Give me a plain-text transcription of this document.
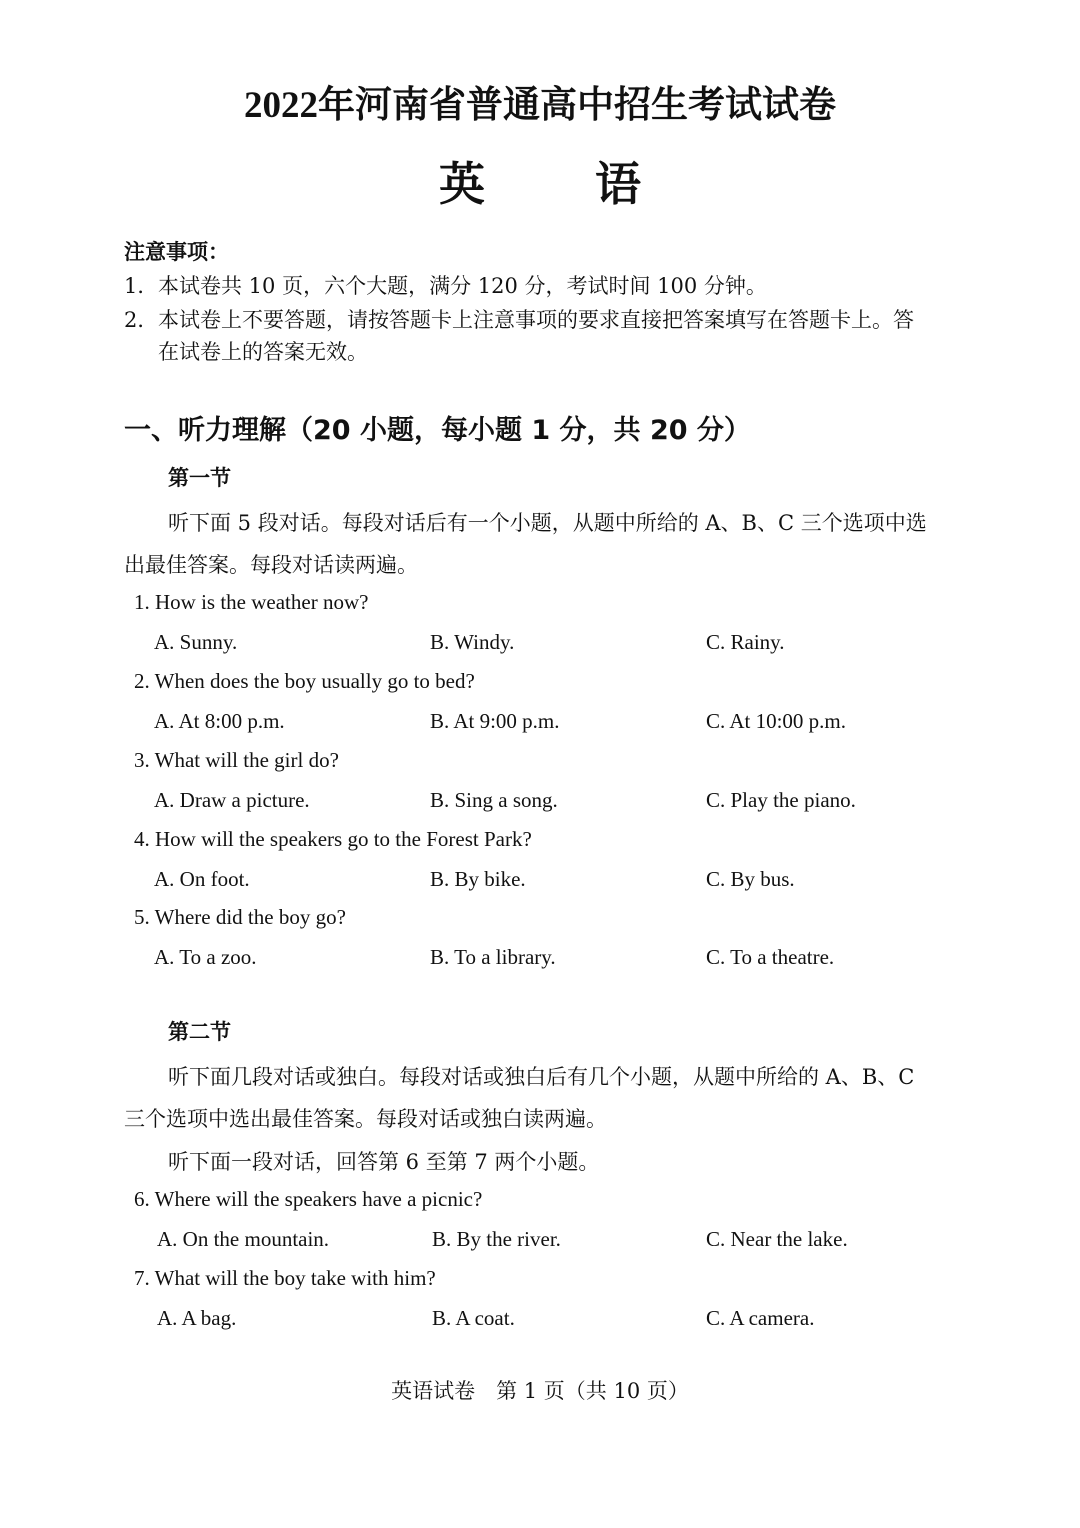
2022年河南省普通高中招生考试试卷
英语
注意事项：
1．本试卷共 10 页，六个大题，满分 120 分，考试时间 100 分钟。
2．本试卷上不要答题，请按答题卡上注意事项的要求直接把答案填写在答题卡上。答
在试卷上的答案无效。
一、听力理解（20 小题，每小题 1 分，共 20 分）
第一节
听下面 5 段对话。每段对话后有一个小题，从题中所给的 A、B、C 三个选项中选
出最佳答案。每段对话读两遍。
1. How is the weather now?
A. Sunny.	B. Windy.	C. Rainy.
2. When does the boy usually go to bed?
A. At 8:00 p.m.	B. At 9:00 p.m.	C. At 10:00 p.m.
3. What will the girl do?
A. Draw a picture.	B. Sing a song.	C. Play the piano.
4. How will the speakers go to the Forest Park?
A. On foot.	B. By bike.	C. By bus.
5. Where did the boy go?
A. To a zoo.	B. To a library.	C. To a theatre.
第二节
听下面几段对话或独白。每段对话或独白后有几个小题，从题中所给的 A、B、C
三个选项中选出最佳答案。每段对话或独白读两遍。
听下面一段对话，回答第 6 至第 7 两个小题。
6. Where will the speakers have a picnic?
A. On the mountain.	B. By the river.	C. Near the lake.
7. What will the boy take with him?
A. A bag.	B. A coat.	C. A camera.
英语试卷　第 1 页（共 10 页）
